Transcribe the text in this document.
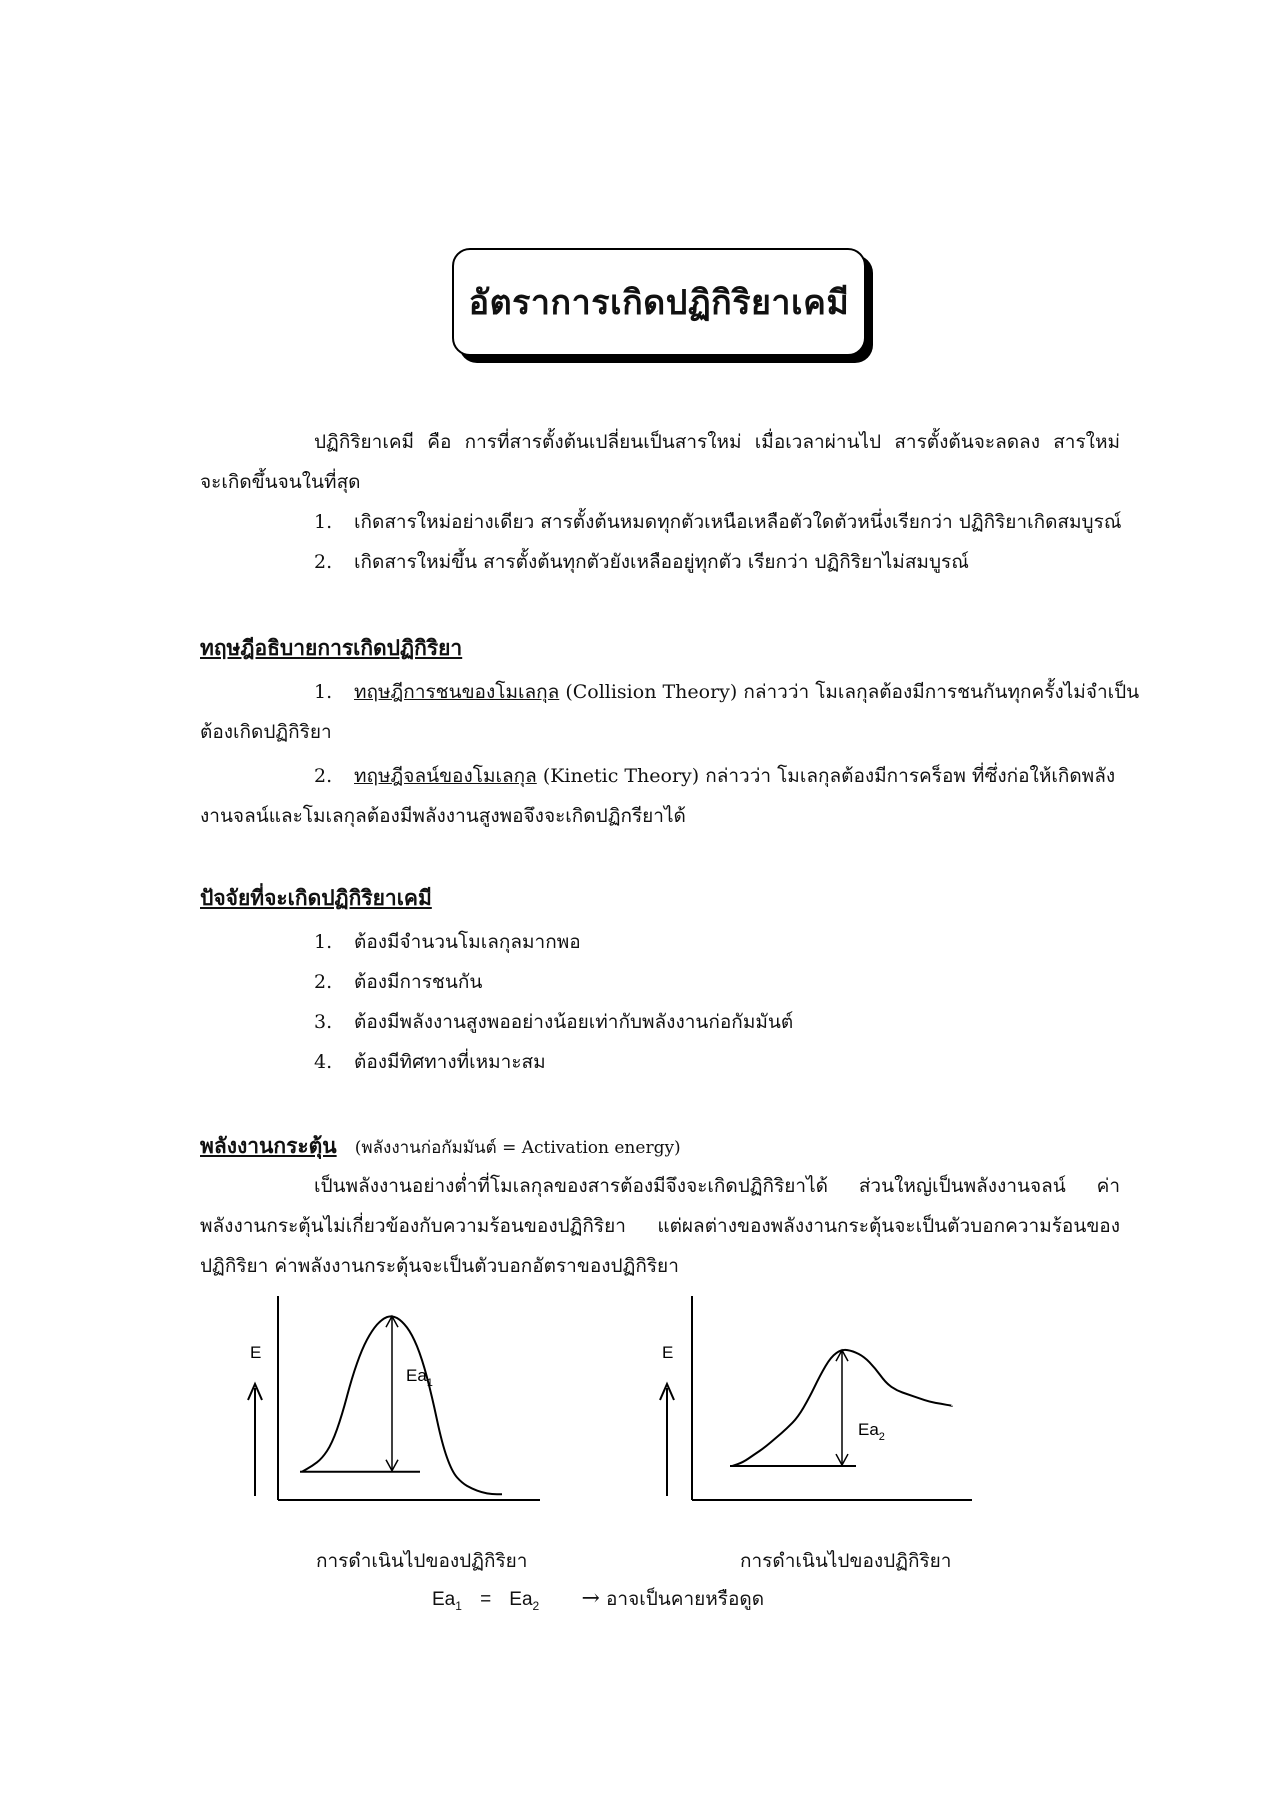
อัตราการเกิดปฏิกิริยาเคมี
ปฏิกิริยาเคมี คือ การที่สารตั้งต้นเปลี่ยนเป็นสารใหม่ เมื่อเวลาผ่านไป สารตั้งต้นจะลดลง สารใหม่
จะเกิดขึ้นจนในที่สุด
1. เกิดสารใหม่อย่างเดียว สารตั้งต้นหมดทุกตัวเหนือเหลือตัวใดตัวหนึ่งเรียกว่า ปฏิกิริยาเกิดสมบูรณ์
2. เกิดสารใหม่ขึ้น สารตั้งต้นทุกตัวยังเหลืออยู่ทุกตัว เรียกว่า ปฏิกิริยาไม่สมบูรณ์
ทฤษฎีอธิบายการเกิดปฏิกิริยา
1. ทฤษฎีการชนของโมเลกุล (Collision Theory) กล่าวว่า โมเลกุลต้องมีการชนกันทุกครั้งไม่จำเป็น
ต้องเกิดปฏิกิริยา
2. ทฤษฎีจลน์ของโมเลกุล (Kinetic Theory) กล่าวว่า โมเลกุลต้องมีการคร็อพ ที่ซึ่งก่อให้เกิดพลัง
งานจลน์และโมเลกุลต้องมีพลังงานสูงพอจึงจะเกิดปฏิกรียาได้
ปัจจัยที่จะเกิดปฏิกิริยาเคมี
1. ต้องมีจำนวนโมเลกุลมากพอ
2. ต้องมีการชนกัน
3. ต้องมีพลังงานสูงพออย่างน้อยเท่ากับพลังงานก่อกัมมันต์
4. ต้องมีทิศทางที่เหมาะสม
พลังงานกระตุ้น (พลังงานก่อกัมมันต์ = Activation energy)
เป็นพลังงานอย่างต่ำที่โมเลกุลของสารต้องมีจึงจะเกิดปฏิกิริยาได้ ส่วนใหญ่เป็นพลังงานจลน์ ค่า
พลังงานกระตุ้นไม่เกี่ยวข้องกับความร้อนของปฏิกิริยา แต่ผลต่างของพลังงานกระตุ้นจะเป็นตัวบอกความร้อนของ
ปฏิกิริยา ค่าพลังงานกระตุ้นจะเป็นตัวบอกอัตราของปฏิกิริยา
E
$Ea_1$
การดำเนินไปของปฏิกิริยา
E
$Ea_2$
การดำเนินไปของปฏิกิริยา
$Ea_1 = Ea_2$ → อาจเป็นคายหรือดูด
